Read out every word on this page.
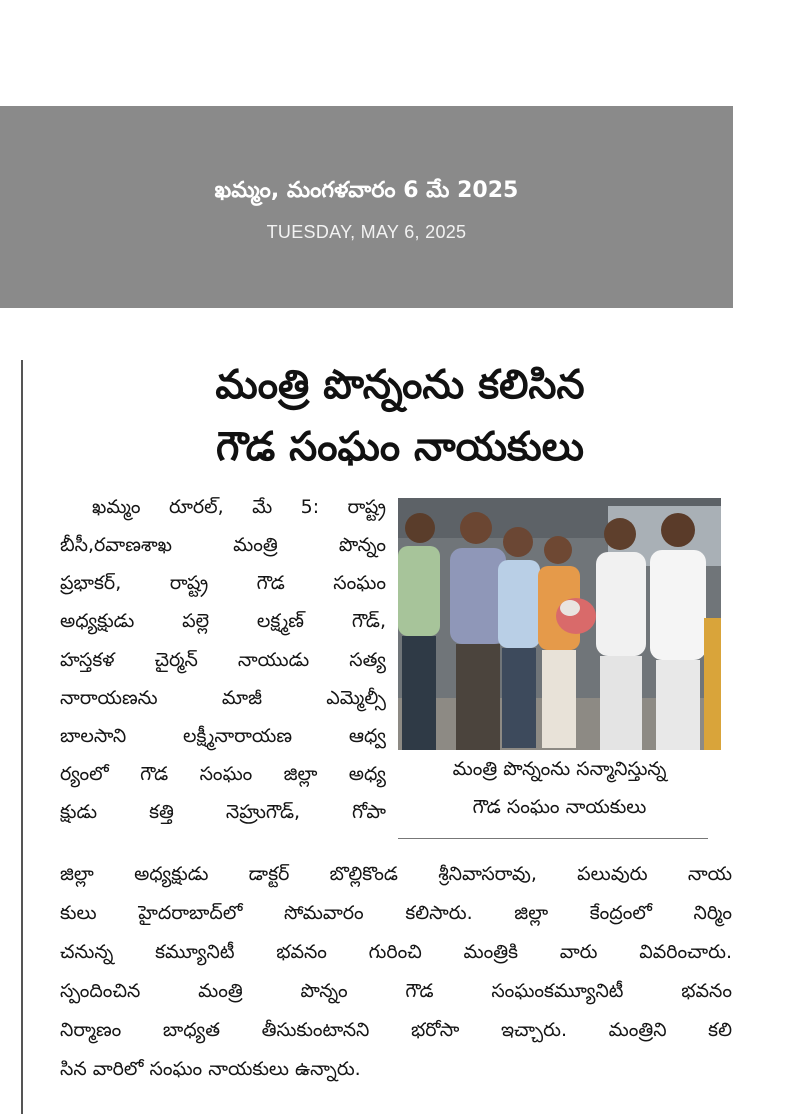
ఖమ్మం, మంగళవారం 6 మే 2025
TUESDAY, MAY 6, 2025
మంత్రి పొన్నంను కలిసిన
గౌడ సంఘం నాయకులు

ఖమ్మం రూరల్, మే 5: రాష్ట్ర

బీసీ,రవాణశాఖ మంత్రి పొన్నం

ప్రభాకర్, రాష్ట్ర గౌడ సంఘం

అధ్యక్షుడు పల్లె లక్ష్మణ్ గౌడ్,

హస్తకళ చైర్మన్ నాయుడు సత్య

నారాయణను మాజీ ఎమ్మెల్సీ

బాలసాని లక్ష్మీనారాయణ ఆధ్వ

ర్యంలో గౌడ సంఘం జిల్లా అధ్య

క్షుడు కత్తి నెహ్రుగౌడ్, గోపా

జిల్లా అధ్యక్షుడు డాక్టర్ బొల్లికొండ శ్రీనివాసరావు, పలువురు నాయ

కులు హైదరాబాద్‌లో సోమవారం కలిసారు. జిల్లా కేంద్రంలో నిర్మిం

చనున్న కమ్యూనిటీ భవనం గురించి మంత్రికి వారు వివరించారు.

స్పందించిన మంత్రి పొన్నం గౌడ సంఘంకమ్యూనిటీ భవనం

నిర్మాణం బాధ్యత తీసుకుంటానని భరోసా ఇచ్చారు. మంత్రిని కలి

సిన వారిలో సంఘం నాయకులు ఉన్నారు.

మంత్రి పొన్నంను సన్మానిస్తున్న

గౌడ సంఘం నాయకులు
